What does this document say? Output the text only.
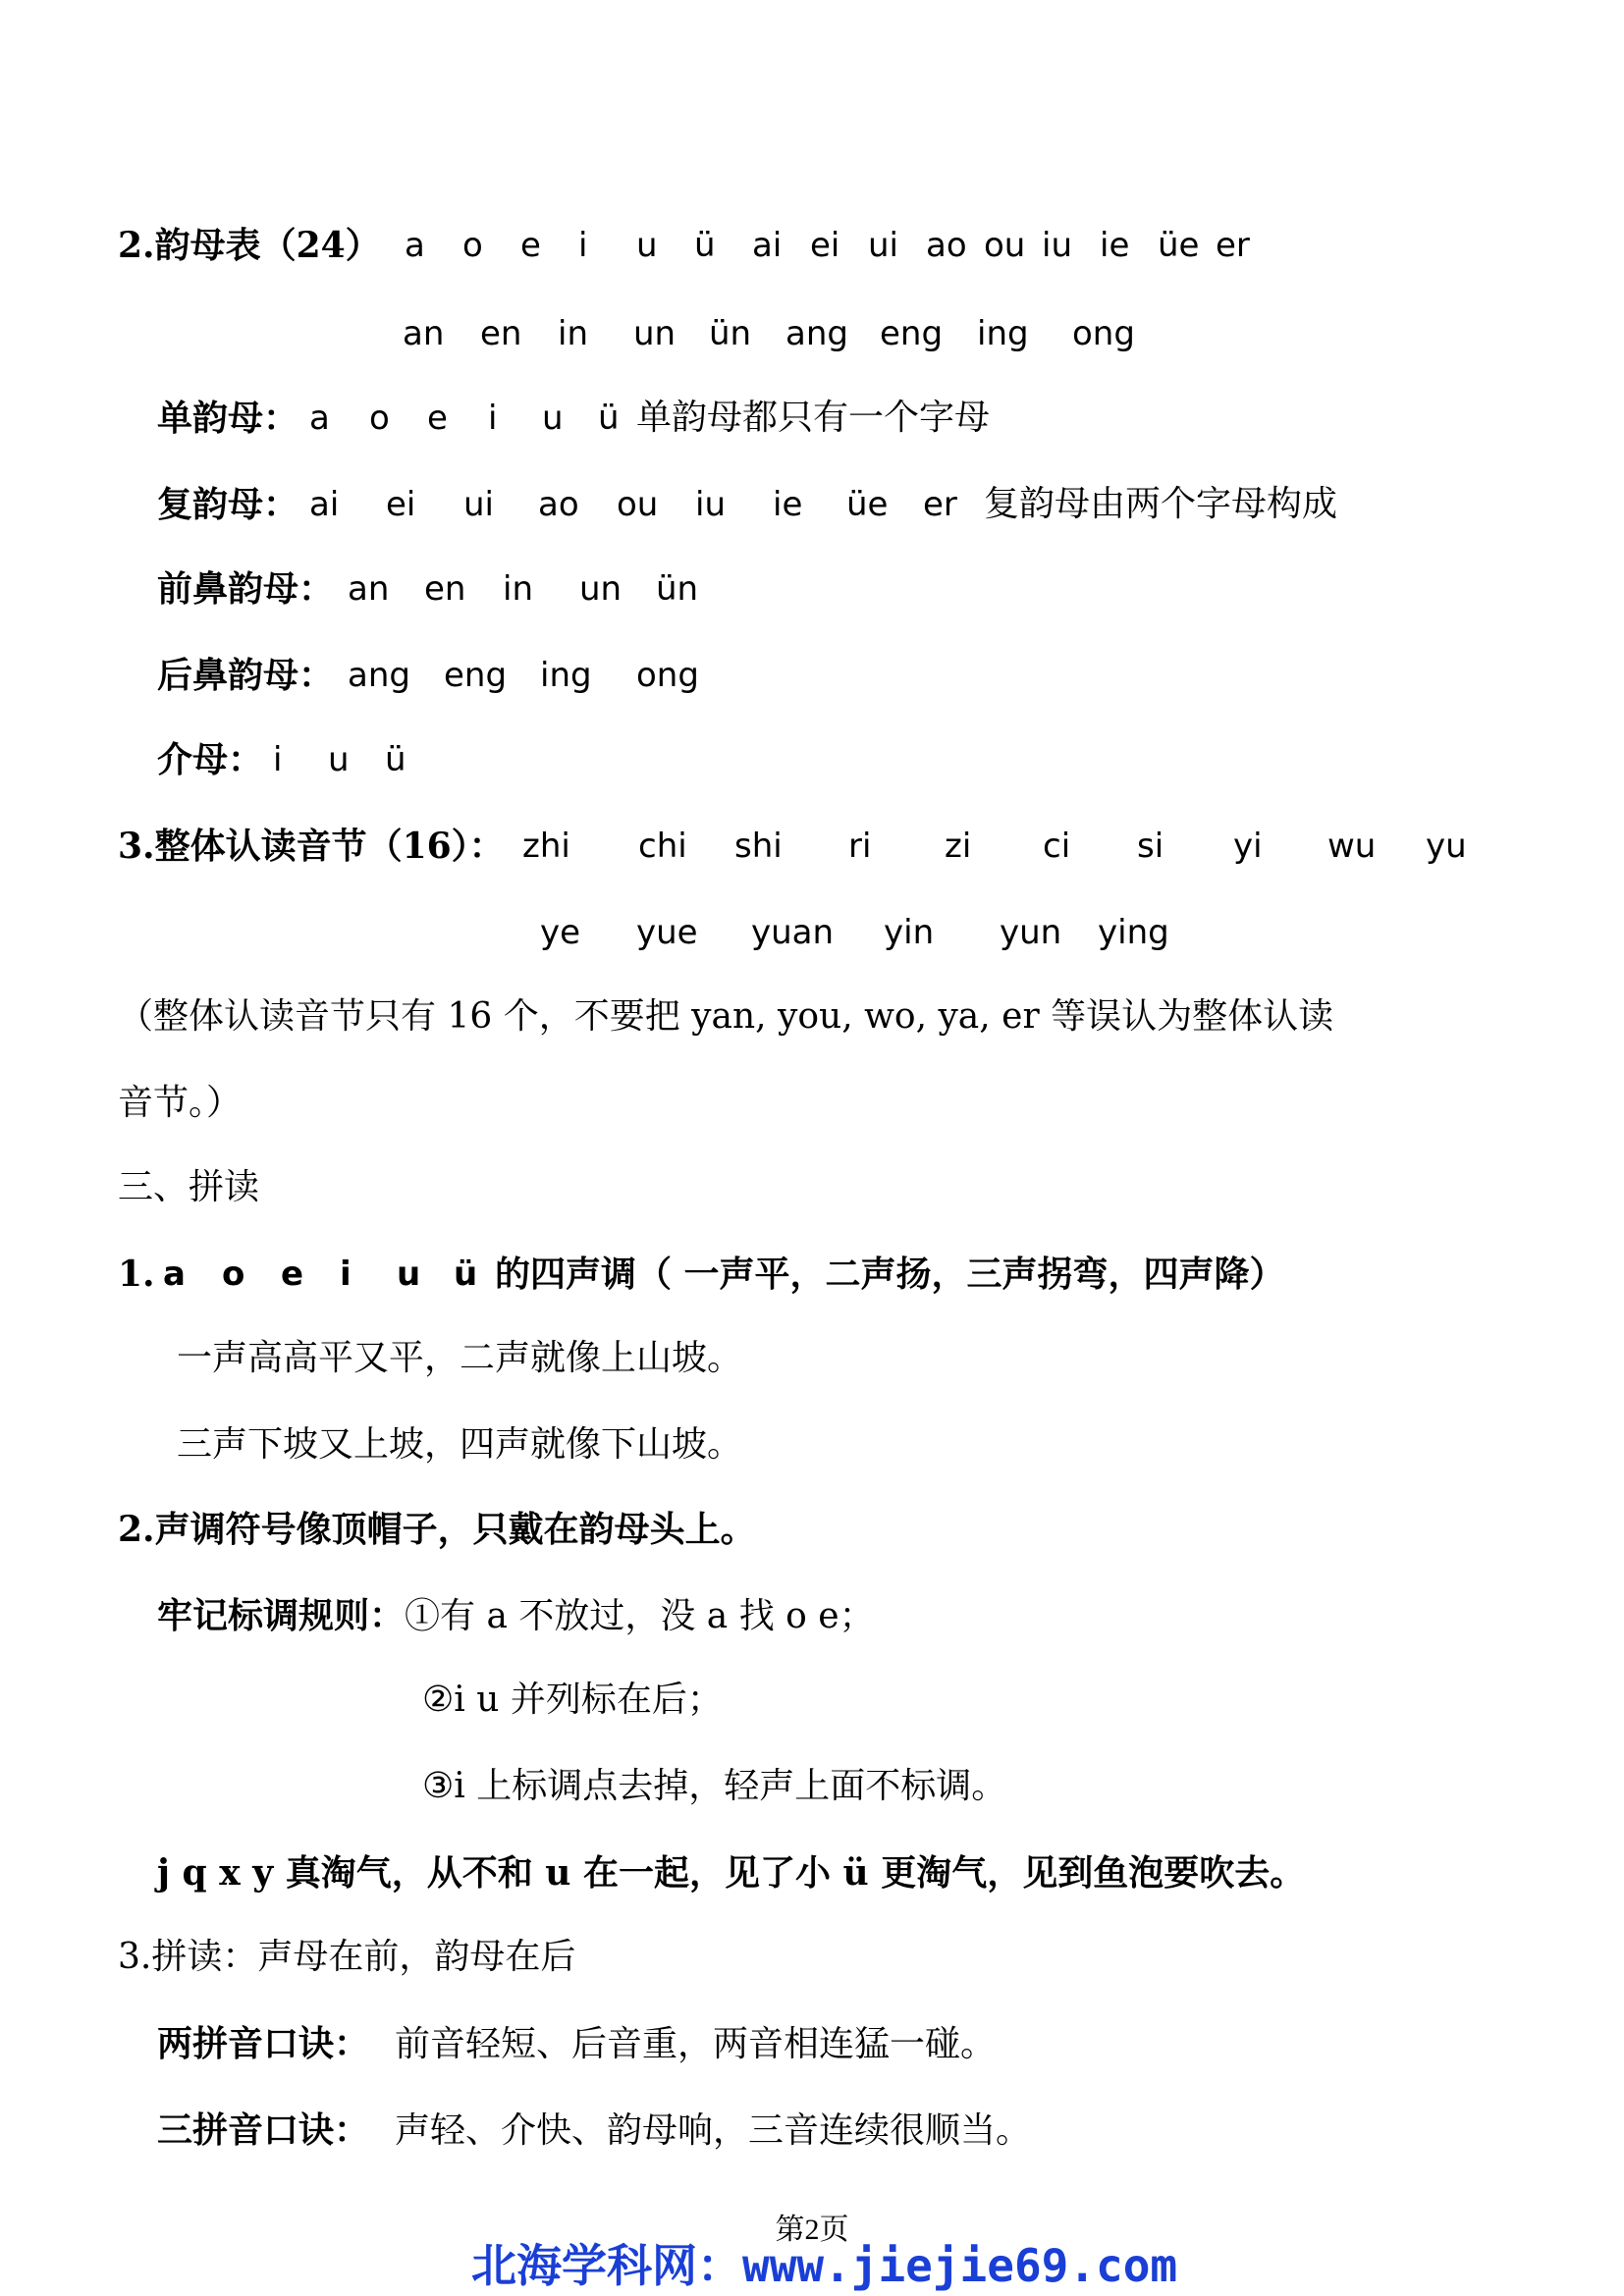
2.韵母表（24） a o e i u ü ai ei ui ao ou iu ie üe er
an en in un ün ang eng ing ong
单韵母： a o e i u ü 单韵母都只有一个字母
复韵母： ai ei ui ao ou iu ie üe er 复韵母由两个字母构成
前鼻韵母： an en in un ün
后鼻韵母： ang eng ing ong
介母： i u ü
3.整体认读音节（16）： zhi chi shi ri zi ci si yi wu yu
ye yue yuan yin yun ying
（整体认读音节只有 16 个，不要把 yan, you, wo, ya, er 等误认为整体认读
音节。）
三、拼读
1. a o e i u ü 的四声调（ 一声平，二声扬，三声拐弯，四声降）
一声高高平又平，二声就像上山坡。
三声下坡又上坡，四声就像下山坡。
2.声调符号像顶帽子，只戴在韵母头上。
牢记标调规则：①有 a 不放过，没 a 找 o e；
②i u 并列标在后；
③i 上标调点去掉，轻声上面不标调。
j q x y 真淘气，从不和 u 在一起，见了小 ü 更淘气，见到鱼泡要吹去。
3.拼读：声母在前，韵母在后
两拼音口诀： 前音轻短、后音重，两音相连猛一碰。
三拼音口诀： 声轻、介快、韵母响，三音连续很顺当。
第2页
北海学科网：www.jiejie69.com
